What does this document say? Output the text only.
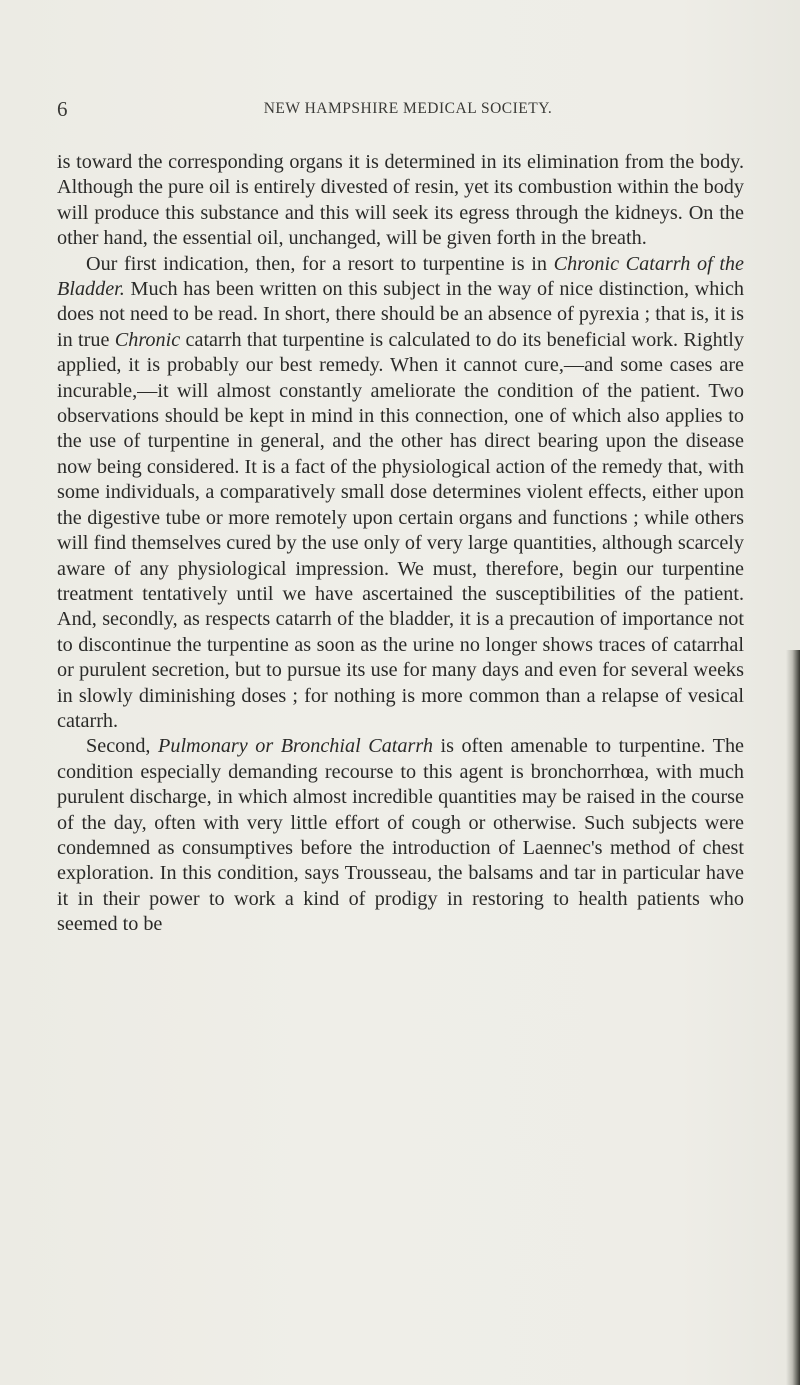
6	NEW HAMPSHIRE MEDICAL SOCIETY.

is toward the corresponding organs it is determined in its elimination from the body. Although the pure oil is entirely divested of resin, yet its combustion within the body will produce this substance and this will seek its egress through the kidneys. On the other hand, the essential oil, unchanged, will be given forth in the breath.

Our first indication, then, for a resort to turpentine is in Chronic Catarrh of the Bladder. Much has been written on this subject in the way of nice distinction, which does not need to be read. In short, there should be an absence of pyrexia ; that is, it is in true Chronic catarrh that turpentine is calculated to do its beneficial work. Rightly applied, it is probably our best remedy. When it cannot cure,—and some cases are incurable,—it will almost constantly ameliorate the condition of the patient. Two observations should be kept in mind in this connection, one of which also applies to the use of turpentine in general, and the other has direct bearing upon the disease now being considered. It is a fact of the physiological action of the remedy that, with some individuals, a comparatively small dose determines violent effects, either upon the digestive tube or more remotely upon certain organs and functions ; while others will find themselves cured by the use only of very large quantities, although scarcely aware of any physiological impression. We must, therefore, begin our turpentine treatment tentatively until we have ascertained the susceptibilities of the patient. And, secondly, as respects catarrh of the bladder, it is a precaution of importance not to discontinue the turpentine as soon as the urine no longer shows traces of catarrhal or purulent secretion, but to pursue its use for many days and even for several weeks in slowly diminishing doses ; for nothing is more common than a relapse of vesical catarrh.

Second, Pulmonary or Bronchial Catarrh is often amenable to turpentine. The condition especially demanding recourse to this agent is bronchorrhœa, with much purulent discharge, in which almost incredible quantities may be raised in the course of the day, often with very little effort of cough or otherwise. Such subjects were condemned as consumptives before the introduction of Laennec's method of chest exploration. In this condition, says Trousseau, the balsams and tar in particular have it in their power to work a kind of prodigy in restoring to health patients who seemed to be
